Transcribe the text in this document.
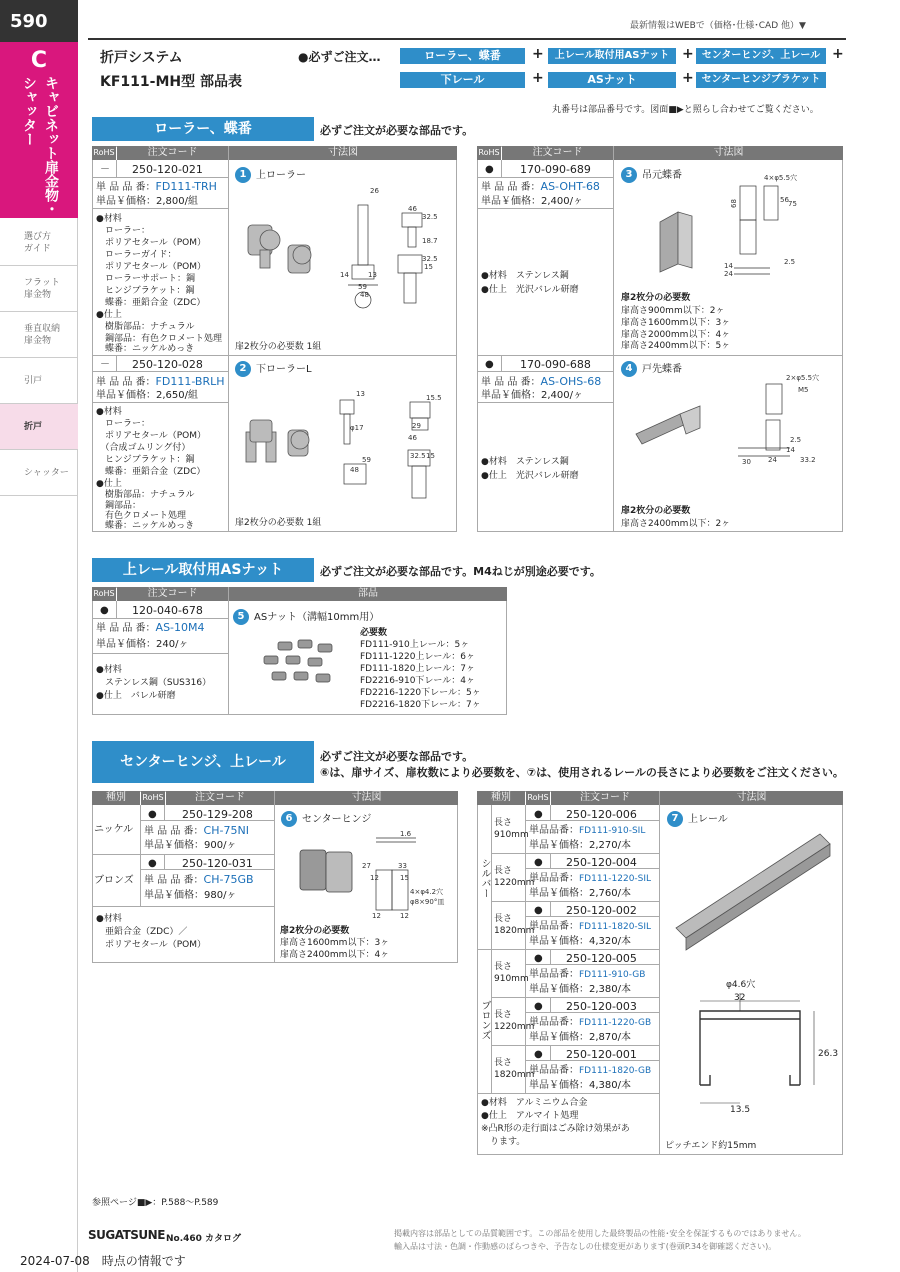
590
C
キャビネット扉金物・
シャッター
選び方
ガイド
フラット
扉金物
垂直収納
扉金物
引戸
折戸
シャッター
最新情報はWEBで（価格･仕様･CAD 他）▼
折戸システム
KF111-MH型 部品表
●必ずご注文…	ローラー、蝶番	+	上レール取付用ASナット + センターヒンジ、上レール +
下レール	+	ASナット	+ センターヒンジブラケット
丸番号は部品番号です。図面■▶と照らし合わせてご覧ください。
ローラー、蝶番	必ずご注文が必要な部品です。
RoHS	注文コード	寸法図
－ 250-120-021
単 品 品 番：FD111-TRH
単品￥価格：2,800/組
●材料
　ローラー：
　ポリアセタール（POM）
　ローラーガイド：
　ポリアセタール（POM）
　ローラーサポート：鋼
　ヒンジブラケット：鋼
　蝶番：亜鉛合金（ZDC）
●仕上
　樹脂部品：ナチュラル
　鋼部品：有色クロメート処理
　蝶番：ニッケルめっき
1 上ローラー
扉2枚分の必要数 1組
26
46
32.5
18.7
32.5
15
14	13
59
48
－ 250-120-028
単 品 品 番：FD111-BRLH
単品￥価格：2,650/組
●材料
　ローラー：
　ポリアセタール（POM）
　（合成ゴムリング付）
　ヒンジブラケット：鋼
　蝶番：亜鉛合金（ZDC）
●仕上
　樹脂部品：ナチュラル
　鋼部品：
　有色クロメート処理
　蝶番：ニッケルめっき
2 下ローラーL
扉2枚分の必要数 1組
13	15.5
29
46
32.5 15
59
48
φ17
RoHS	注文コード	寸法図
● 170-090-689
単 品 品 番：AS-OHT-68
単品￥価格：2,400/ヶ
●材料　ステンレス鋼
●仕上　光沢バレル研磨
3 吊元蝶番
扉2枚分の必要数
扉高さ900mm以下：2ヶ
扉高さ1600mm以下：3ヶ
扉高さ2000mm以下：4ヶ
扉高さ2400mm以下：5ヶ
4×φ5.5穴
68	56 75
14
24
2.5
● 170-090-688
単 品 品 番：AS-OHS-68
単品￥価格：2,400/ヶ
●材料　ステンレス鋼
●仕上　光沢バレル研磨
4 戸先蝶番
扉2枚分の必要数
扉高さ2400mm以下：2ヶ
2×φ5.5穴
M5
2.5
14
30	33.2
24
上レール取付用ASナット	必ずご注文が必要な部品です。M4ねじが別途必要です。
RoHS	注文コード	部品
● 120-040-678
単 品 品 番：AS-10M4
単品￥価格：240/ヶ
●材料
　ステンレス鋼（SUS316）
●仕上　バレル研磨
5 ASナット（溝幅10mm用）
必要数
FD111-910上レール：5ヶ
FD111-1220上レール：6ヶ
FD111-1820上レール：7ヶ
FD2216-910下レール：4ヶ
FD2216-1220下レール：5ヶ
FD2216-1820下レール：7ヶ
センターヒンジ、上レール	必ずご注文が必要な部品です。
⑥は、扉サイズ、扉枚数により必要数を、⑦は、使用されるレールの長さにより必要数をご注文ください。
種別	RoHS	注文コード	寸法図
ニッケル
● 250-129-208
単 品 品 番：CH-75NI
単品￥価格：900/ヶ
ブロンズ
● 250-120-031
単 品 品 番：CH-75GB
単品￥価格：980/ヶ
●材料
　亜鉛合金（ZDC）／
　ポリアセタール（POM）
6 センターヒンジ
扉2枚分の必要数
扉高さ1600mm以下：3ヶ
扉高さ2400mm以下：4ヶ
1.6
27	33
12	15
4×φ4.2穴
φ8×90°皿
12	12
種別	RoHS	注文コード	寸法図
シルバー
ブロンズ
長さ
910mm
● 250-120-006
単品品番：FD111-910-SIL
単品￥価格：2,270/本
長さ
1220mm
● 250-120-004
単品品番：FD111-1220-SIL
単品￥価格：2,760/本
長さ
1820mm
● 250-120-002
単品品番：FD111-1820-SIL
単品￥価格：4,320/本
長さ
910mm
● 250-120-005
単品品番：FD111-910-GB
単品￥価格：2,380/本
長さ
1220mm
● 250-120-003
単品品番：FD111-1220-GB
単品￥価格：2,870/本
長さ
1820mm
● 250-120-001
単品品番：FD111-1820-GB
単品￥価格：4,380/本
●材料　アルミニウム合金
●仕上　アルマイト処理
※凸R形の走行面はごみ除け効果があ
　ります。
7 上レール
ピッチエンド約15mm
φ4.6穴
32
26.3
13.5
参照ページ■▶：P.588～P.589
SUGATSUNE No.460 カタログ
2024-07-08　時点の情報です
掲載内容は部品としての品質範囲です。この部品を使用した最終製品の性能･安全を保証するものではありません。
輸入品は寸法・色調・作動感のばらつきや、予告なしの仕様変更があります(巻頭P.34を御確認ください)。
